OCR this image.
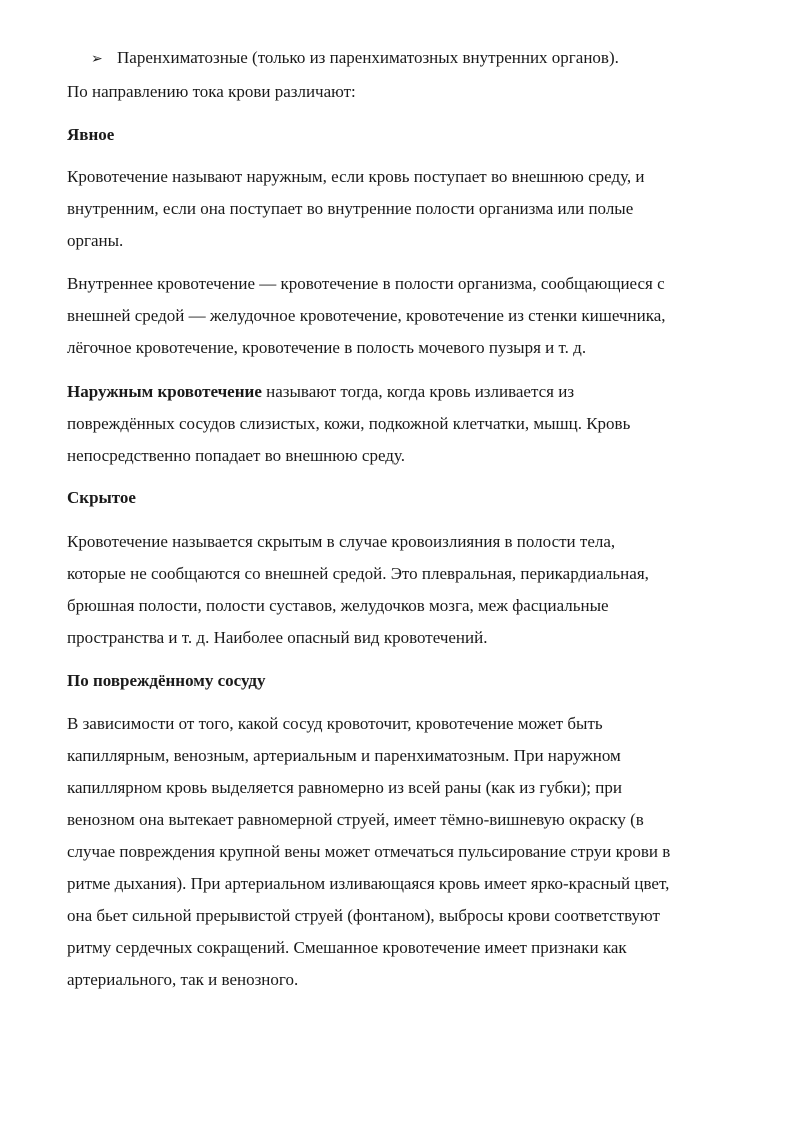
➢ Паренхиматозные (только из паренхиматозных внутренних органов).
По направлению тока крови различают:
Явное
Кровотечение называют наружным, если кровь поступает во внешнюю среду, и
внутренним, если она поступает во внутренние полости организма или полые
органы.
Внутреннее кровотечение — кровотечение в полости организма, сообщающиеся с
внешней средой — желудочное кровотечение, кровотечение из стенки кишечника,
лёгочное кровотечение, кровотечение в полость мочевого пузыря и т. д.
Наружным кровотечение называют тогда, когда кровь изливается из
повреждённых сосудов слизистых, кожи, подкожной клетчатки, мышц. Кровь
непосредственно попадает во внешнюю среду.
Скрытое
Кровотечение называется скрытым в случае кровоизлияния в полости тела,
которые не сообщаются со внешней средой. Это плевральная, перикардиальная,
брюшная полости, полости суставов, желудочков мозга, меж фасциальные
пространства и т. д. Наиболее опасный вид кровотечений.
По повреждённому сосуду
В зависимости от того, какой сосуд кровоточит, кровотечение может быть
капиллярным, венозным, артериальным и паренхиматозным. При наружном
капиллярном кровь выделяется равномерно из всей раны (как из губки); при
венозном она вытекает равномерной струей, имеет тёмно-вишневую окраску (в
случае повреждения крупной вены может отмечаться пульсирование струи крови в
ритме дыхания). При артериальном изливающаяся кровь имеет ярко-красный цвет,
она бьет сильной прерывистой струей (фонтаном), выбросы крови соответствуют
ритму сердечных сокращений. Смешанное кровотечение имеет признаки как
артериального, так и венозного.
